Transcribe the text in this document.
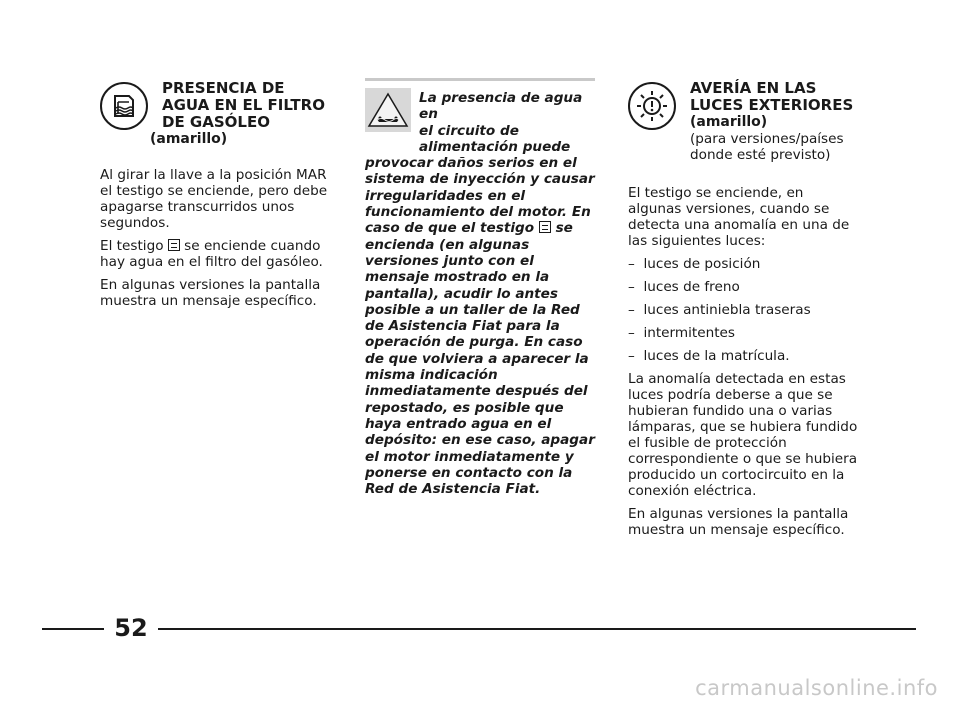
PRESENCIA DE
AGUA EN EL FILTRO
DE GASÓLEO
(amarillo)

Al girar la llave a la posición MAR el testigo se enciende, pero debe apagarse transcurridos unos segundos.

El testigo se enciende cuando hay agua en el filtro del gasóleo.

En algunas versiones la pantalla muestra un mensaje específico.

La presencia de agua en
el circuito de
alimentación puede
provocar daños serios en el sistema de inyección y causar irregularidades en el funcionamiento del motor. En caso de que el testigo se encienda (en algunas versiones junto con el mensaje mostrado en la pantalla), acudir lo antes posible a un taller de la Red de Asistencia Fiat para la operación de purga. En caso de que volviera a aparecer la misma indicación inmediatamente después del repostado, es posible que haya entrado agua en el depósito: en ese caso, apagar el motor inmediatamente y ponerse en contacto con la Red de Asistencia Fiat.
AVERÍA EN LAS
LUCES EXTERIORES
(amarillo)
(para versiones/países
donde esté previsto)

El testigo se enciende, en algunas versiones, cuando se detecta una anomalía en una de las siguientes luces:

–  luces de posición

–  luces de freno

–  luces antiniebla traseras

–  intermitentes

–  luces de la matrícula.

La anomalía detectada en estas luces podría deberse a que se hubieran fundido una o varias lámparas, que se hubiera fundido el fusible de protección correspondiente o que se hubiera producido un cortocircuito en la conexión eléctrica.

En algunas versiones la pantalla muestra un mensaje específico.

52
carmanualsonline.info
